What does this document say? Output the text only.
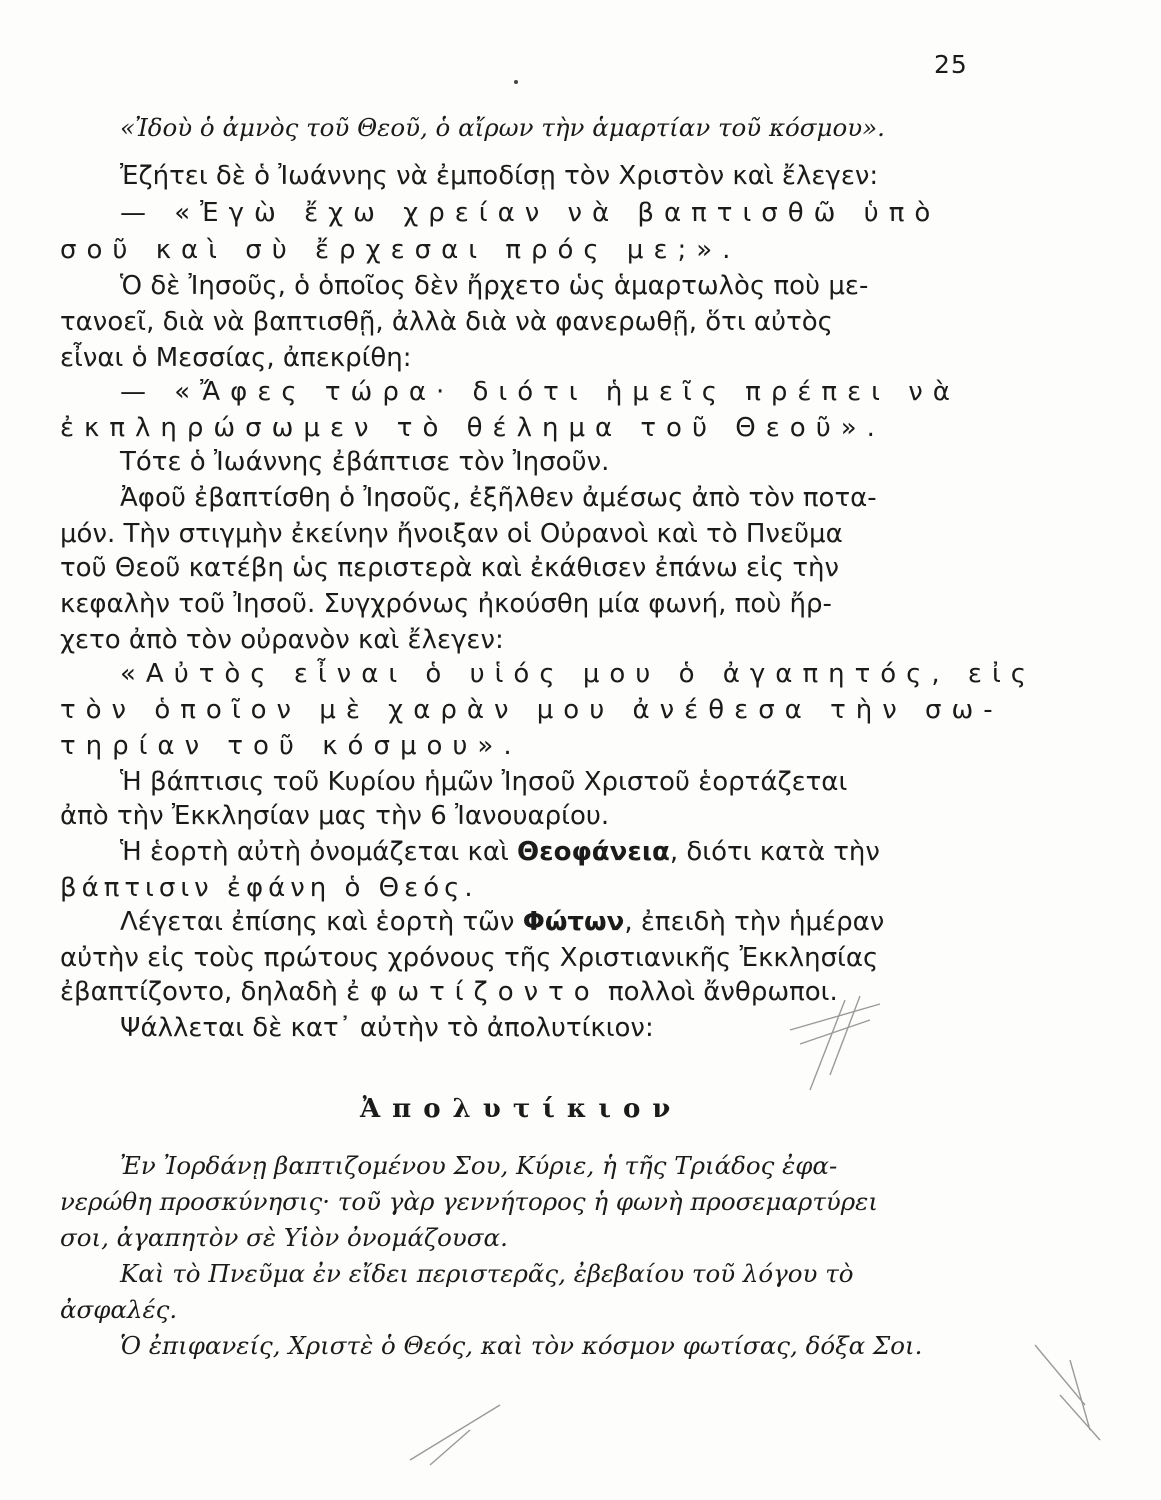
25
«Ἰδοὺ ὁ ἀμνὸς τοῦ Θεοῦ, ὁ αἴρων τὴν ἁμαρτίαν τοῦ κόσμου».
Ἐζήτει δὲ ὁ Ἰωάννης νὰ ἐμποδίσῃ τὸν Χριστὸν καὶ ἔλεγεν:
— «Ἐγὼ ἔχω χρείαν νὰ βαπτισθῶ ὑπὸ
σοῦ καὶ σὺ ἔρχεσαι πρός με;».
Ὁ δὲ Ἰησοῦς, ὁ ὁποῖος δὲν ἤρχετο ὡς ἁμαρτωλὸς ποὺ με-
τανοεῖ, διὰ νὰ βαπτισθῇ, ἀλλὰ διὰ νὰ φανερωθῇ, ὅτι αὐτὸς
εἶναι ὁ Μεσσίας, ἀπεκρίθη:
— «Ἄφες τώρα· διότι ἡμεῖς πρέπει νὰ
ἐκπληρώσωμεν τὸ θέλημα τοῦ Θεοῦ».
Τότε ὁ Ἰωάννης ἐβάπτισε τὸν Ἰησοῦν.
Ἀφοῦ ἐβαπτίσθη ὁ Ἰησοῦς, ἐξῆλθεν ἀμέσως ἀπὸ τὸν ποτα-
μόν. Τὴν στιγμὴν ἐκείνην ἤνοιξαν οἱ Οὐρανοὶ καὶ τὸ Πνεῦμα
τοῦ Θεοῦ κατέβη ὡς περιστερὰ καὶ ἐκάθισεν ἐπάνω εἰς τὴν
κεφαλὴν τοῦ Ἰησοῦ. Συγχρόνως ἠκούσθη μία φωνή, ποὺ ἤρ-
χετο ἀπὸ τὸν οὐρανὸν καὶ ἔλεγεν:
«Αὐτὸς εἶναι ὁ υἱός μου ὁ ἀγαπητός, εἰς
τὸν ὁποῖον μὲ χαρὰν μου ἀνέθεσα τὴν σω-
τηρίαν τοῦ κόσμου».
Ἡ βάπτισις τοῦ Κυρίου ἡμῶν Ἰησοῦ Χριστοῦ ἑορτάζεται
ἀπὸ τὴν Ἐκκλησίαν μας τὴν 6 Ἰανουαρίου.
Ἡ ἑορτὴ αὐτὴ ὀνομάζεται καὶ Θεοφάνεια, διότι κατὰ τὴν
βάπτισιν ἐφάνη ὁ Θεός.
Λέγεται ἐπίσης καὶ ἑορτὴ τῶν Φώτων, ἐπειδὴ τὴν ἡμέραν
αὐτὴν εἰς τοὺς πρώτους χρόνους τῆς Χριστιανικῆς Ἐκκλησίας
ἐβαπτίζοντο, δηλαδὴ ἐφωτίζοντο πολλοὶ ἄνθρωποι.
Ψάλλεται δὲ κατ᾽ αὐτὴν τὸ ἀπολυτίκιον:
Ἀπολυτίκιον
Ἐν Ἰορδάνῃ βαπτιζομένου Σου, Κύριε, ἡ τῆς Τριάδος ἐφα-
νερώθη προσκύνησις· τοῦ γὰρ γεννήτορος ἡ φωνὴ προσεμαρτύρει
σοι, ἀγαπητὸν σὲ Υἱὸν ὀνομάζουσα.
Καὶ τὸ Πνεῦμα ἐν εἴδει περιστερᾶς, ἐβεβαίου τοῦ λόγου τὸ
ἀσφαλές.
Ὁ ἐπιφανείς, Χριστὲ ὁ Θεός, καὶ τὸν κόσμον φωτίσας, δόξα Σοι.
